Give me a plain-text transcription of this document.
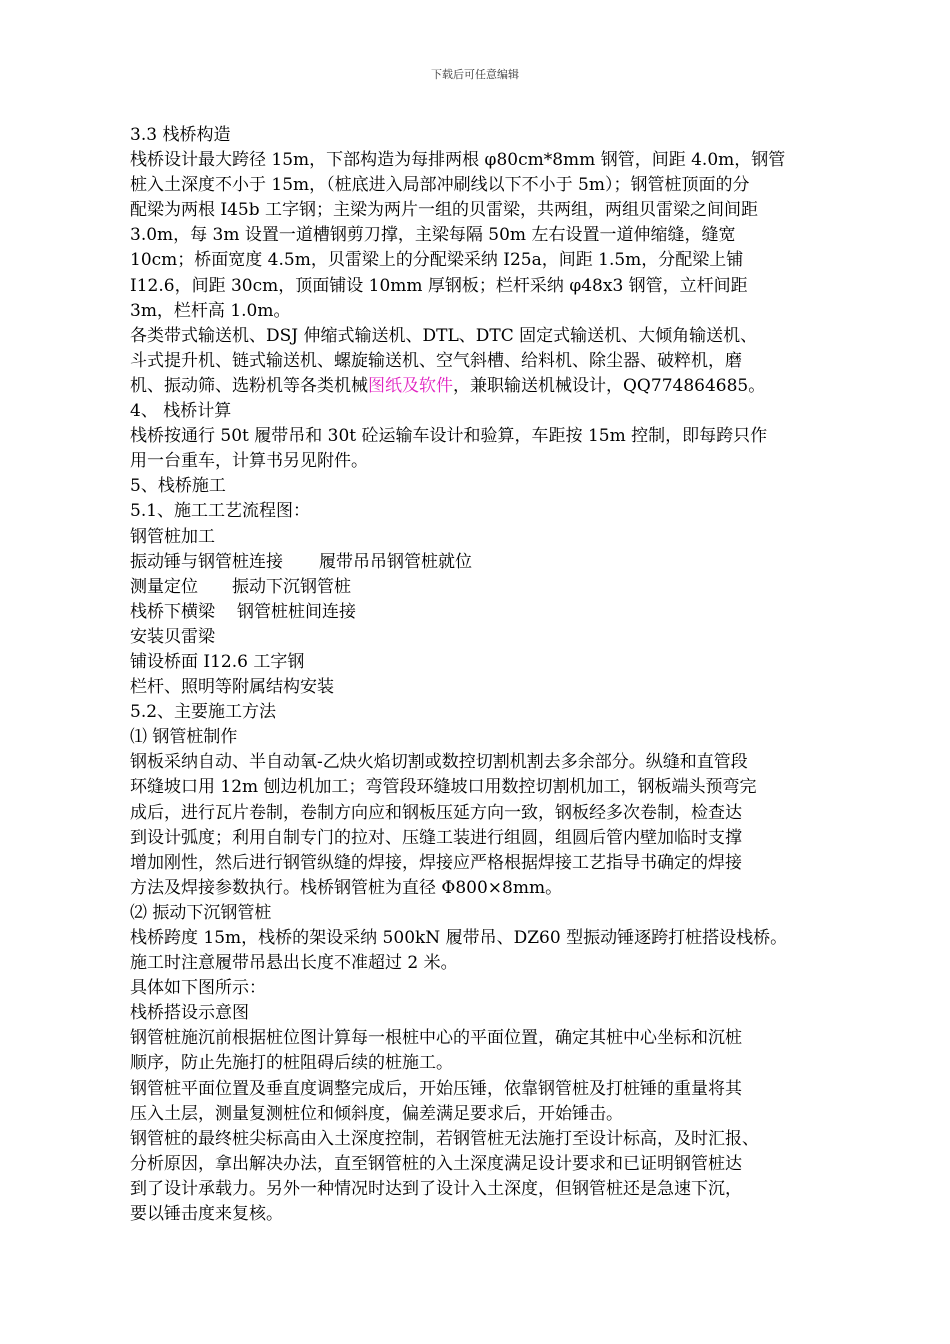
下载后可任意编辑

3.3 栈桥构造

栈桥设计最大跨径 15m，下部构造为每排两根 φ80cm*8mm 钢管，间距 4.0m，钢管

桩入土深度不小于 15m，（桩底进入局部冲刷线以下不小于 5m）；钢管桩顶面的分

配梁为两根 I45b 工字钢；主梁为两片一组的贝雷梁，共两组，两组贝雷梁之间间距

3.0m，每 3m 设置一道槽钢剪刀撑，主梁每隔 50m 左右设置一道伸缩缝，缝宽

10cm；桥面宽度 4.5m，贝雷梁上的分配梁采纳 I25a，间距 1.5m，分配梁上铺

I12.6，间距 30cm，顶面铺设 10mm 厚钢板；栏杆采纳 φ48x3 钢管，立杆间距

3m，栏杆高 1.0m。

各类带式输送机、DSJ 伸缩式输送机、DTL、DTC 固定式输送机、大倾角输送机、

斗式提升机、链式输送机、螺旋输送机、空气斜槽、给料机、除尘器、破粹机，磨

机、振动筛、选粉机等各类机械图纸及软件，兼职输送机械设计，QQ774864685。

4、 栈桥计算

栈桥按通行 50t 履带吊和 30t 砼运输车设计和验算，车距按 15m 控制，即每跨只作

用一台重车，计算书另见附件。

5、栈桥施工

5.1、施工工艺流程图：

钢管桩加工

振动锤与钢管桩连接 履带吊吊钢管桩就位

测量定位 振动下沉钢管桩

栈桥下横梁 钢管桩桩间连接

安装贝雷梁

铺设桥面 I12.6 工字钢

栏杆、照明等附属结构安装

5.2、主要施工方法

⑴ 钢管桩制作

钢板采纳自动、半自动氧-乙炔火焰切割或数控切割机割去多余部分。纵缝和直管段

环缝坡口用 12m 刨边机加工；弯管段环缝坡口用数控切割机加工，钢板端头预弯完

成后，进行瓦片卷制，卷制方向应和钢板压延方向一致，钢板经多次卷制，检查达

到设计弧度；利用自制专门的拉对、压缝工装进行组圆，组圆后管内壁加临时支撑

增加刚性，然后进行钢管纵缝的焊接，焊接应严格根据焊接工艺指导书确定的焊接

方法及焊接参数执行。栈桥钢管桩为直径 Φ800×8mm。

⑵ 振动下沉钢管桩

栈桥跨度 15m，栈桥的架设采纳 500kN 履带吊、DZ60 型振动锤逐跨打桩搭设栈桥。

施工时注意履带吊悬出长度不准超过 2 米。

具体如下图所示：

栈桥搭设示意图

钢管桩施沉前根据桩位图计算每一根桩中心的平面位置，确定其桩中心坐标和沉桩

顺序，防止先施打的桩阻碍后续的桩施工。

钢管桩平面位置及垂直度调整完成后，开始压锤，依靠钢管桩及打桩锤的重量将其

压入土层，测量复测桩位和倾斜度，偏差满足要求后，开始锤击。

钢管桩的最终桩尖标高由入土深度控制，若钢管桩无法施打至设计标高，及时汇报、

分析原因，拿出解决办法，直至钢管桩的入土深度满足设计要求和已证明钢管桩达

到了设计承载力。另外一种情况时达到了设计入土深度，但钢管桩还是急速下沉，

要以锤击度来复核。
